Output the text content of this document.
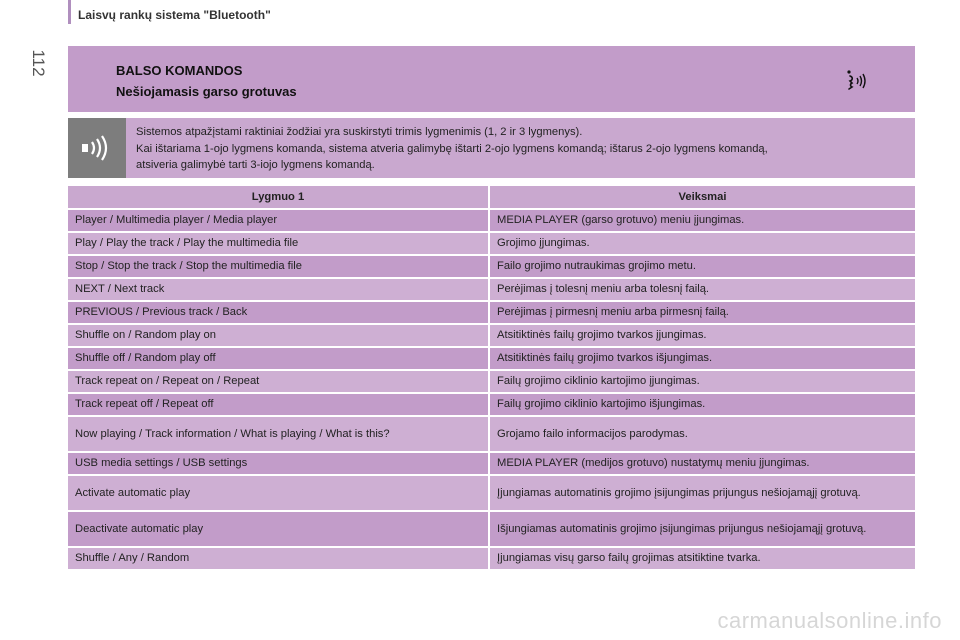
112
Laisvų rankų sistema "Bluetooth"
BALSO KOMANDOS
Nešiojamasis garso grotuvas
Sistemos atpažįstami raktiniai žodžiai yra suskirstyti trimis lygmenimis (1, 2 ir 3 lygmenys).
Kai ištariama 1-ojo lygmens komanda, sistema atveria galimybę ištarti 2-ojo lygmens komandą; ištarus 2-ojo lygmens komandą,
atsiveria galimybė tarti 3-iojo lygmens komandą.
Lygmuo 1	Veiksmai
Player / Multimedia player / Media player	MEDIA PLAYER (garso grotuvo) meniu įjungimas.
Play / Play the track / Play the multimedia file	Grojimo įjungimas.
Stop / Stop the track / Stop the multimedia file	Failo grojimo nutraukimas grojimo metu.
NEXT / Next track	Perėjimas į tolesnį meniu arba tolesnį failą.
PREVIOUS / Previous track / Back	Perėjimas į pirmesnį meniu arba pirmesnį failą.
Shuffle on / Random play on	Atsitiktinės failų grojimo tvarkos įjungimas.
Shuffle off / Random play off	Atsitiktinės failų grojimo tvarkos išjungimas.
Track repeat on / Repeat on / Repeat	Failų grojimo ciklinio kartojimo įjungimas.
Track repeat off / Repeat off	Failų grojimo ciklinio kartojimo išjungimas.
Now playing / Track information / What is playing / What is this?	Grojamo failo informacijos parodymas.
USB media settings / USB settings	MEDIA PLAYER (medijos grotuvo) nustatymų meniu įjungimas.
Activate automatic play	Įjungiamas automatinis grojimo įsijungimas prijungus nešiojamąjį grotuvą.
Deactivate automatic play	Išjungiamas automatinis grojimo įsijungimas prijungus nešiojamąjį grotuvą.
Shuffle / Any / Random	Įjungiamas visų garso failų grojimas atsitiktine tvarka.
carmanualsonline.info
